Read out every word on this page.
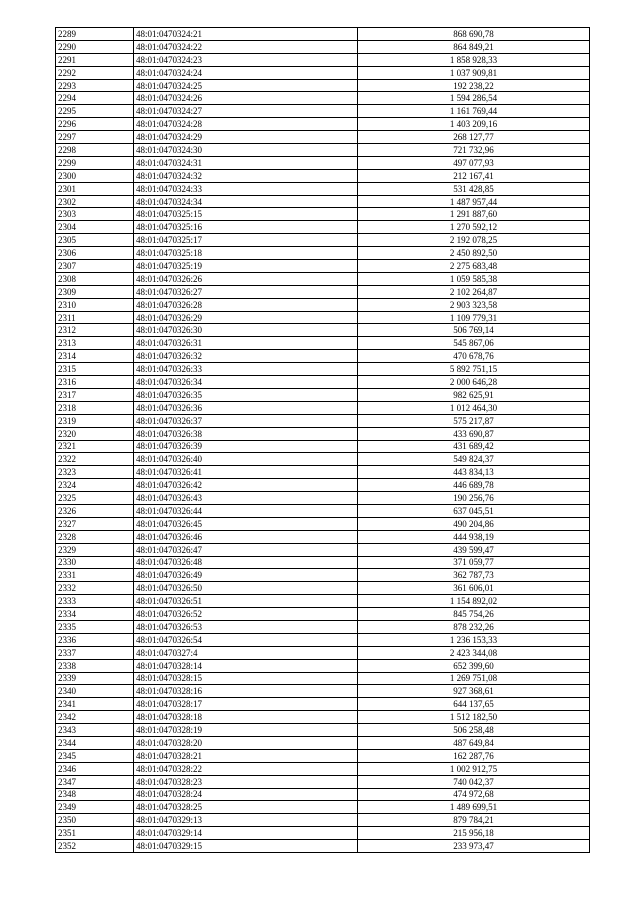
2289	48:01:0470324:21	868 690,78
2290	48:01:0470324:22	864 849,21
2291	48:01:0470324:23	1 858 928,33
2292	48:01:0470324:24	1 037 909,81
2293	48:01:0470324:25	192 238,22
2294	48:01:0470324:26	1 594 286,54
2295	48:01:0470324:27	1 161 769,44
2296	48:01:0470324:28	1 403 209,16
2297	48:01:0470324:29	268 127,77
2298	48:01:0470324:30	721 732,96
2299	48:01:0470324:31	497 077,93
2300	48:01:0470324:32	212 167,41
2301	48:01:0470324:33	531 428,85
2302	48:01:0470324:34	1 487 957,44
2303	48:01:0470325:15	1 291 887,60
2304	48:01:0470325:16	1 270 592,12
2305	48:01:0470325:17	2 192 078,25
2306	48:01:0470325:18	2 450 892,50
2307	48:01:0470325:19	2 275 683,48
2308	48:01:0470326:26	1 059 585,38
2309	48:01:0470326:27	2 102 264,87
2310	48:01:0470326:28	2 903 323,58
2311	48:01:0470326:29	1 109 779,31
2312	48:01:0470326:30	506 769,14
2313	48:01:0470326:31	545 867,06
2314	48:01:0470326:32	470 678,76
2315	48:01:0470326:33	5 892 751,15
2316	48:01:0470326:34	2 000 646,28
2317	48:01:0470326:35	982 625,91
2318	48:01:0470326:36	1 012 464,30
2319	48:01:0470326:37	575 217,87
2320	48:01:0470326:38	433 690,87
2321	48:01:0470326:39	431 689,42
2322	48:01:0470326:40	549 824,37
2323	48:01:0470326:41	443 834,13
2324	48:01:0470326:42	446 689,78
2325	48:01:0470326:43	190 256,76
2326	48:01:0470326:44	637 045,51
2327	48:01:0470326:45	490 204,86
2328	48:01:0470326:46	444 938,19
2329	48:01:0470326:47	439 599,47
2330	48:01:0470326:48	371 059,77
2331	48:01:0470326:49	362 787,73
2332	48:01:0470326:50	361 606,01
2333	48:01:0470326:51	1 154 892,02
2334	48:01:0470326:52	845 754,26
2335	48:01:0470326:53	878 232,26
2336	48:01:0470326:54	1 236 153,33
2337	48:01:0470327:4	2 423 344,08
2338	48:01:0470328:14	652 399,60
2339	48:01:0470328:15	1 269 751,08
2340	48:01:0470328:16	927 368,61
2341	48:01:0470328:17	644 137,65
2342	48:01:0470328:18	1 512 182,50
2343	48:01:0470328:19	506 258,48
2344	48:01:0470328:20	487 649,84
2345	48:01:0470328:21	162 287,76
2346	48:01:0470328:22	1 002 912,75
2347	48:01:0470328:23	740 042,37
2348	48:01:0470328:24	474 972,68
2349	48:01:0470328:25	1 489 699,51
2350	48:01:0470329:13	879 784,21
2351	48:01:0470329:14	215 956,18
2352	48:01:0470329:15	233 973,47
